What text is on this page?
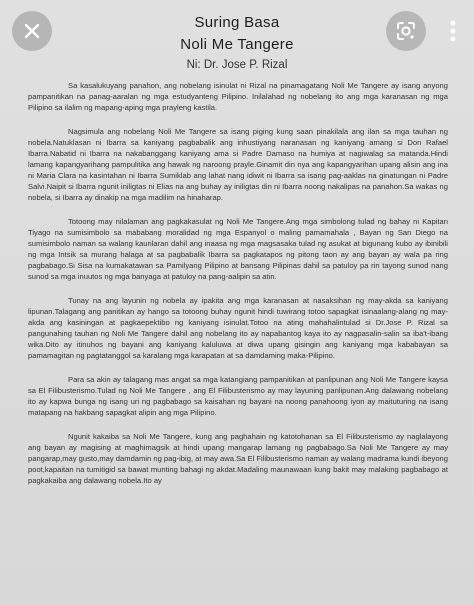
Suring Basa
Noli Me Tangere
Ni: Dr. Jose P. Rizal

Sa kasalukuyang panahon, ang nobelang isinulat ni Rizal na pinamagatang Noli Me Tangere ay isang anyong pampanitikan na panag-aaralan ng mga estudyanteng Pilipino. Inilalahad ng nobelang ito ang mga karanasan ng mga Pilipino sa ilalim ng mapang-aping mga prayleng kastila.

Nagsimula ang nobelang Noli Me Tangere sa isang piging kung saan pinakilala ang ilan sa mga tauhan ng nobela.Natuklasan ni Ibarra sa kaniyang pagbabalik ang inhustiyang naranasan ng kaniyang amang si Don Rafael Ibarra.Nabatid ni Ibarra na nakabanggang kaniyang ama si Padre Damaso na humiya at nagiwalag sa matanda.Hindi lamang kapangyarihang pampulitika ang hawak ng naroong prayle.Ginamit din nya ang kapangyarihan upang alisin ang ina ni Maria Clara na kasintahan ni Ibarra Sumiklab ang lahat nang idiwit ni Ibarra sa isang pag-aaklas na ginatungan ni Padre Salvi.Naipit si Ibarra ngunit iniligtas ni Elias na ang buhay ay iniligtas din ni Ibarra noong nakalipas na panahon.Sa wakas ng nobela, si Ibarra ay dinakip na mga madilim na hinaharap.

Totoong may nilalaman ang pagkakasulat ng Noli Me Tangere.Ang mga simbolong tulad ng bahay ni Kapitan Tiyago na sumisimbolo sa mababang moralidad ng mga Espanyol o maling pamamahala , Bayan ng San Diego na sumisimbolo naman sa walang kaunlaran dahil ang inaasa ng mga magsasaka tulad ng asukat at bigunang kubo ay ibinibili ng mga Intsik sa murang halaga at sa pagbabalik Ibarra sa pagkatapos ng pitong taon ay ang bayan ay wala pa ring pagbabago.Si Sisa na kumakatawan sa Pamilyang Pilipino at bansang Pilipinas dahil sa patuloy pa rin tayong sunod nang sunod sa mga inuutos ng mga banyaga at patuloy na pang-aalipin sa atin.

Tunay na ang layunin ng nobela ay ipakita ang mga karanasan at nasaksihan ng may-akda sa kaniyang lipunan.Talagang ang panitikan ay hango sa totoong buhay ngunit hindi tuwirang totoo sapagkat isinaalang-alang ng may-akda ang kasiningan at pagkaepektibo ng kaniyang isinulat.Totoo na ating mahahalintulad si Dr.Jose P. Rizal sa pangunahing tauhan ng Noli Me Tangere dahil ang nobelang ito ay napabantog kaya ito ay nagpasalin-salin sa iba't-ibang wika.Dito ay itinuhos ng bayani ang kaniyang kaluluwa at diwa upang gisingin ang kaniyang mga kababayan sa pamamagitan ng pagtatanggol sa karalang mga karapatan at sa damdaming maka-Pilipino.

Para sa akin ay talagang mas angat sa mga katangiang pampanitikan at panlipunan ang Noli Me Tangere kaysa sa El Filibusterismo.Tulad ng Noli Me Tangere , ang El Filibusterismo ay may layuning panlipunan.Ang dalawang nobelang ito ay kapwa bunga ng isang uri ng pagbabago sa kaisahan ng bayani na noong panahoong iyon ay maituturing na isang matapang na hakbang sapagkat alipin ang mga Pilipino.

Ngunit kakaiba sa Noli Me Tangere, kung ang paghahain ng katotohanan sa El Filibusterismo ay naglalayong ang bayan ay magising at maghimagsik at hindi upang mangarap lamang ng pagbabago.Sa Noli Me Tangere ay may pangarap,may gusto,may damdamin ng pag-ibig, at may awa.Sa El Filibusterismo naman ay walang madrama kundi ibeyong poot,kapaitan na tumitigid sa bawat munting bahagi ng akdat.Madaling maunawaan kung bakit may malaking pagbabago at pagkakaiba ang dalawang nobela.Ito ay
